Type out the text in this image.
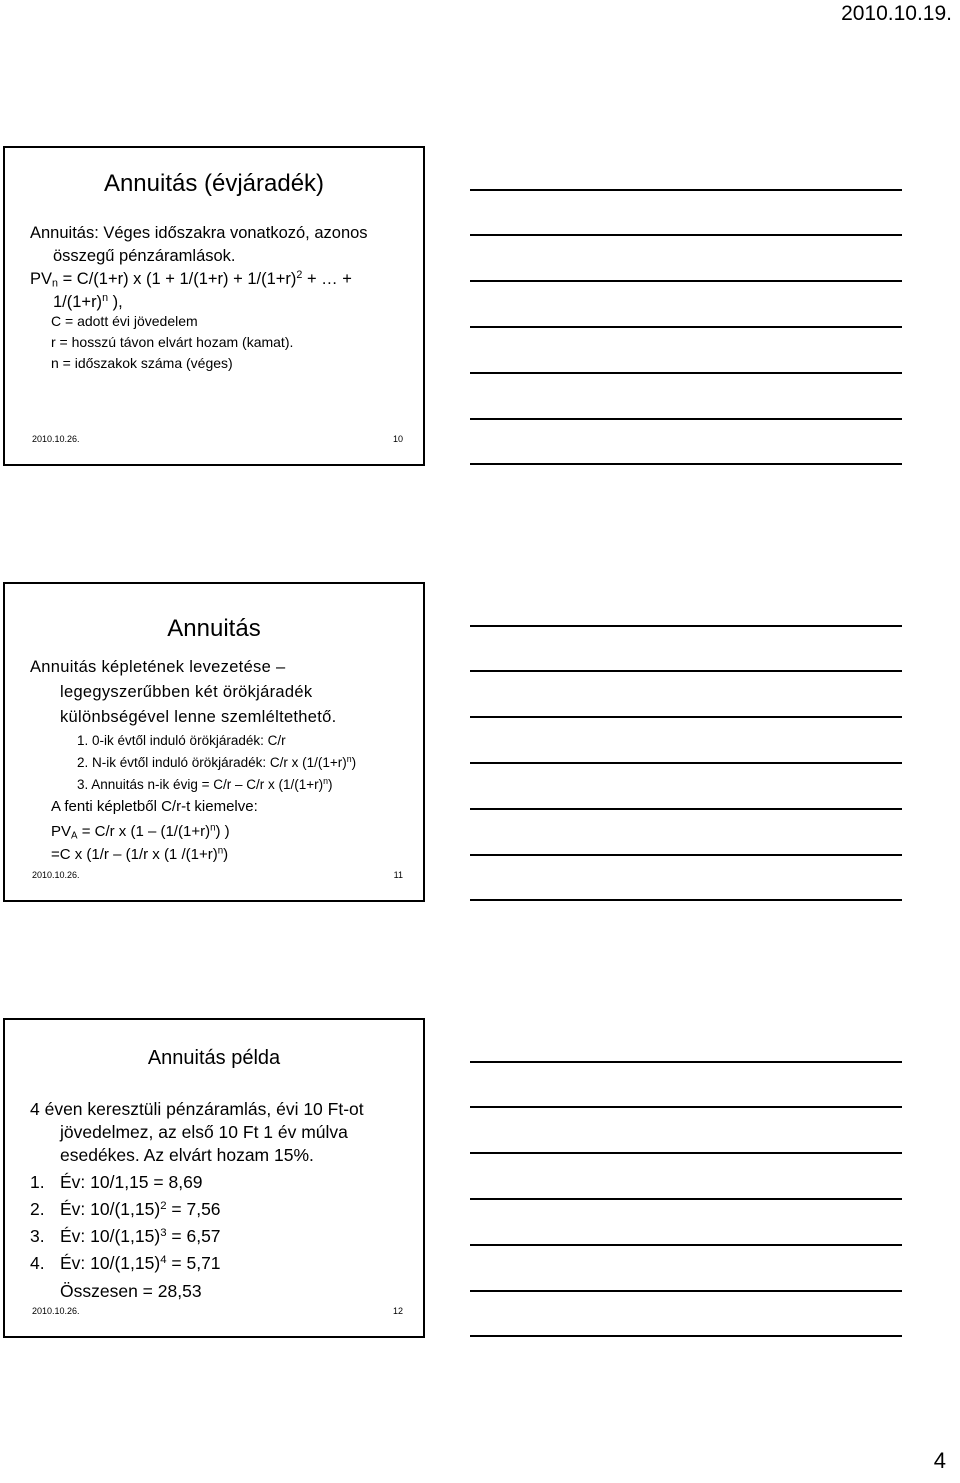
2010.10.19.
Annuitás (évjáradék)
Annuitás: Véges időszakra vonatkozó, azonos
összegű pénzáramlások.
$PV_n = C/(1+r)$ x ($1 + 1/(1+r) + 1/(1+r)^2$ + … +
$1/(1+r)^n$ ),
C = adott évi jövedelem
r = hosszú távon elvárt hozam (kamat).
n = időszakok száma (véges)
2010.10.26.	10
Annuitás
Annuitás képletének levezetése –
legegyszerűbben két örökjáradék
különbségével lenne szemléltethető.
1. 0-ik évtől induló örökjáradék: C/r
2. N-ik évtől induló örökjáradék: C/r x $(1/(1+r)^n)$
3. Annuitás n-ik évig = C/r – C/r x $(1/(1+r)^n)$
A fenti képletből C/r-t kiemelve:
$PV_A = C/r$ x ($1 - (1/(1+r)^n)$ )
=C x (1/r – (1/r x (1 $/(1+r)^n$)
2010.10.26.	11
Annuitás példa
4 éven keresztüli pénzáramlás, évi 10 Ft-ot
jövedelmez, az első 10 Ft 1 év múlva
esedékes. Az elvárt hozam 15%.
1. Év: 10/1,15 = 8,69
2. Év: $10/(1,15)^2 = 7,56$
3. Év: $10/(1,15)^3 = 6,57$
4. Év: $10/(1,15)^4 = 5,71$
Összesen = 28,53
2010.10.26.	12
4
